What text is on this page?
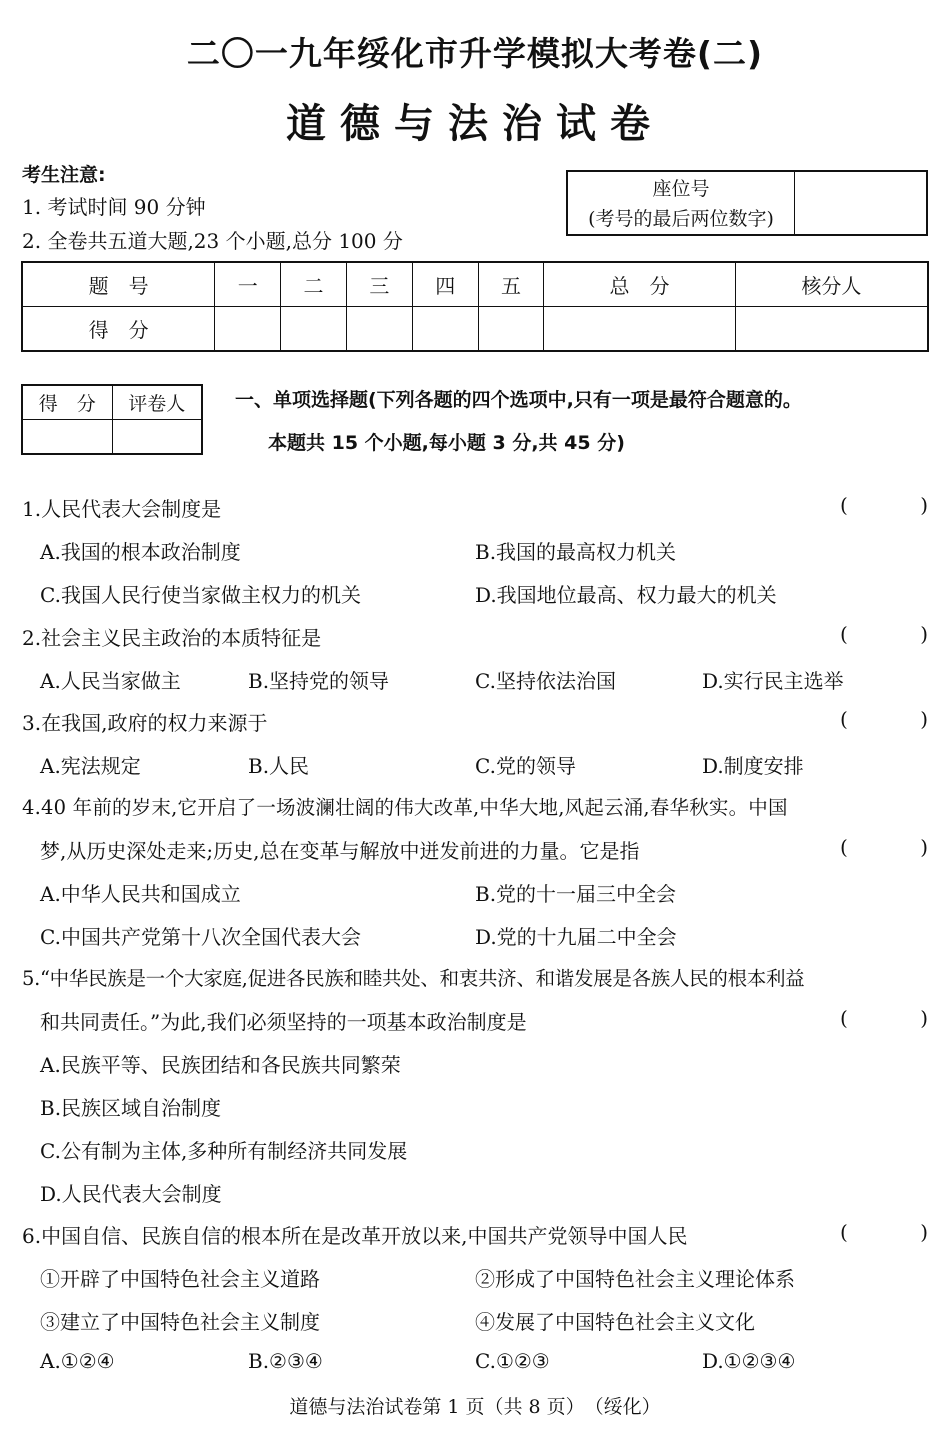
二〇一九年绥化市升学模拟大考卷(二)
道德与法治试卷
考生注意:
1. 考试时间 90 分钟
2. 全卷共五道大题,23 个小题,总分 100 分
座位号
(考号的最后两位数字)
题　号	一	二	三	四	五	总　分	核分人
得　分							
得　分	评卷人
		一、单项选择题(下列各题的四个选项中,只有一项是最符合题意的。
本题共 15 个小题,每小题 3 分,共 45 分)
1.人民代表大会制度是	(	)
A.我国的根本政治制度	B.我国的最高权力机关
C.我国人民行使当家做主权力的机关	D.我国地位最高、权力最大的机关
2.社会主义民主政治的本质特征是	(	)
A.人民当家做主	B.坚持党的领导	C.坚持依法治国	D.实行民主选举
3.在我国,政府的权力来源于	(	)
A.宪法规定	B.人民	C.党的领导	D.制度安排
4.40 年前的岁末,它开启了一场波澜壮阔的伟大改革,中华大地,风起云涌,春华秋实。中国
梦,从历史深处走来;历史,总在变革与解放中迸发前进的力量。它是指	(	)
A.中华人民共和国成立	B.党的十一届三中全会
C.中国共产党第十八次全国代表大会	D.党的十九届二中全会
5.“中华民族是一个大家庭,促进各民族和睦共处、和衷共济、和谐发展是各族人民的根本利益
和共同责任。”为此,我们必须坚持的一项基本政治制度是	(	)
A.民族平等、民族团结和各民族共同繁荣
B.民族区域自治制度
C.公有制为主体,多种所有制经济共同发展
D.人民代表大会制度
6.中国自信、民族自信的根本所在是改革开放以来,中国共产党领导中国人民	(	)
①开辟了中国特色社会主义道路	②形成了中国特色社会主义理论体系
③建立了中国特色社会主义制度	④发展了中国特色社会主义文化
A.①②④	B.②③④	C.①②③	D.①②③④
道德与法治试卷第 1 页（共 8 页）　（绥化）
